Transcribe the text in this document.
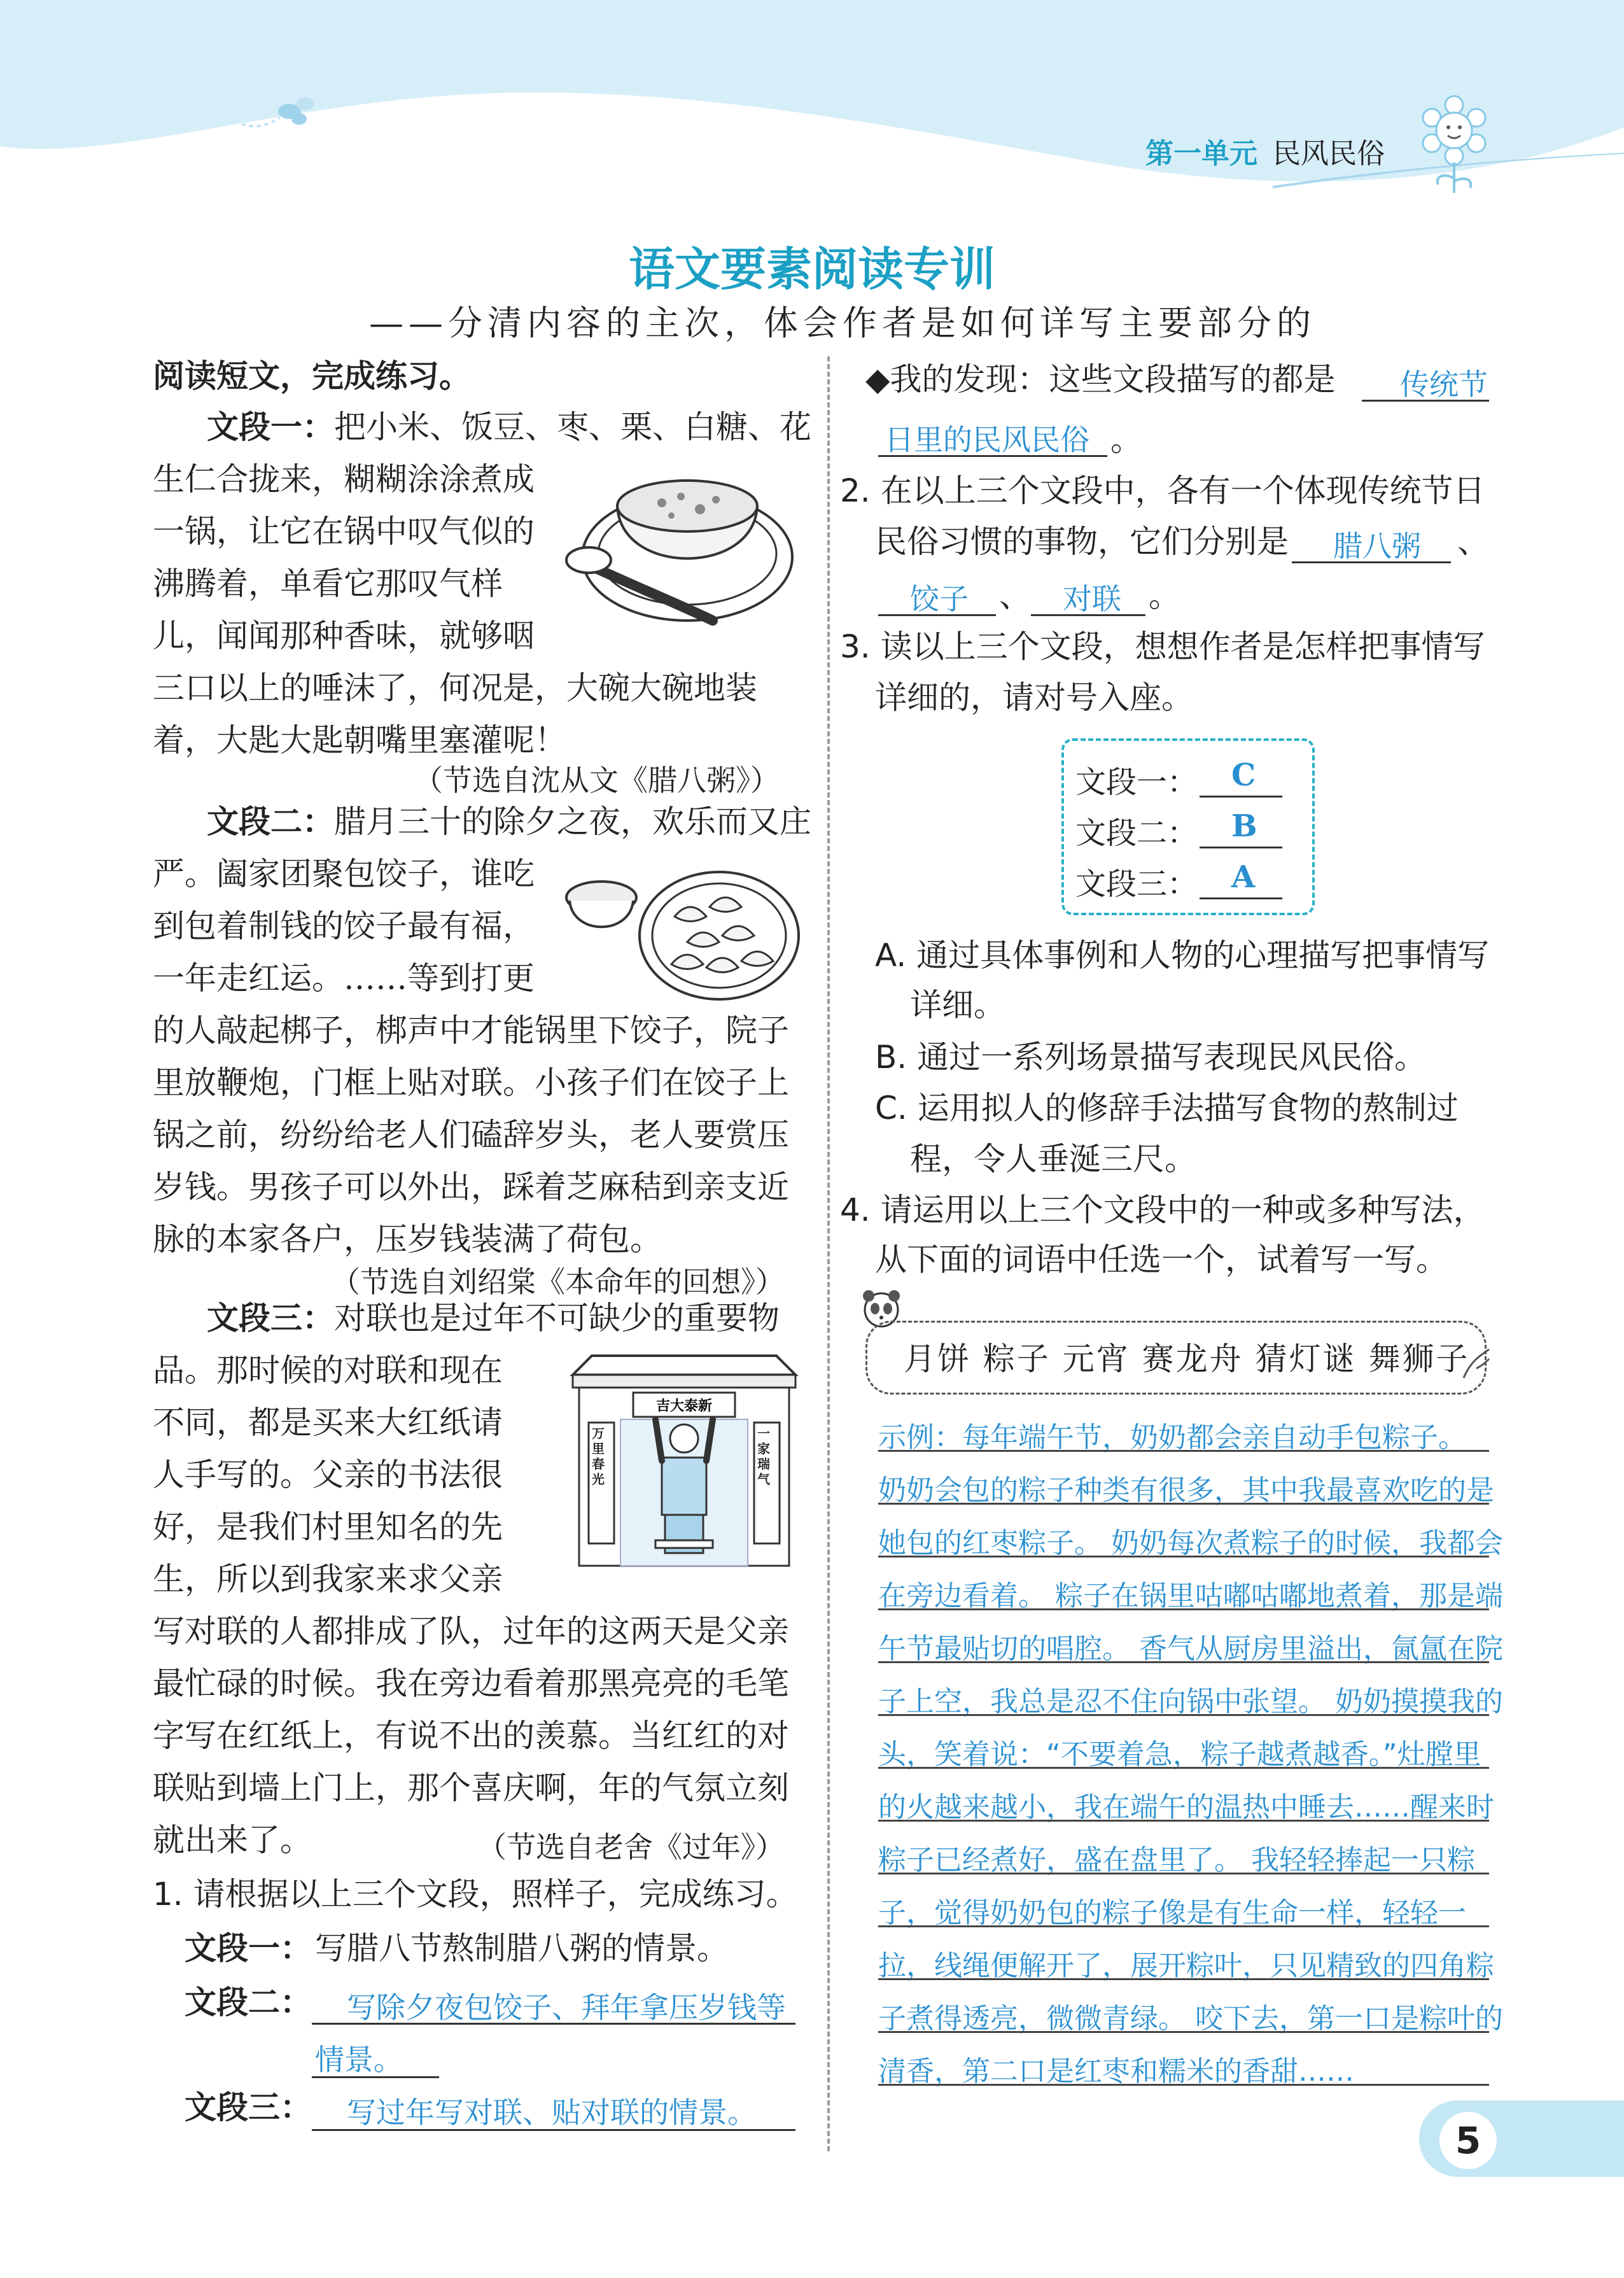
第一单元 民风民俗
语文要素阅读专训
——分清内容的主次，体会作者是如何详写主要部分的
阅读短文，完成练习。
文段一：把小米、饭豆、枣、栗、白糖、花
生仁合拢来，糊糊涂涂煮成
一锅，让它在锅中叹气似的
沸腾着，单看它那叹气样
儿，闻闻那种香味，就够咽
三口以上的唾沫了，何况是，大碗大碗地装
着，大匙大匙朝嘴里塞灌呢！
（节选自沈从文《腊八粥》）
文段二：腊月三十的除夕之夜，欢乐而又庄
严。阖家团聚包饺子，谁吃
到包着制钱的饺子最有福，
一年走红运。……等到打更
的人敲起梆子，梆声中才能锅里下饺子，院子
里放鞭炮，门框上贴对联。小孩子们在饺子上
锅之前，纷纷给老人们磕辞岁头，老人要赏压
岁钱。男孩子可以外出，踩着芝麻秸到亲支近
脉的本家各户，压岁钱装满了荷包。
（节选自刘绍棠《本命年的回想》）
文段三：对联也是过年不可缺少的重要物
品。那时候的对联和现在
不同，都是买来大红纸请
人手写的。父亲的书法很
好，是我们村里知名的先
生，所以到我家来求父亲
写对联的人都排成了队，过年的这两天是父亲
最忙碌的时候。我在旁边看着那黑亮亮的毛笔
字写在红纸上，有说不出的羡慕。当红红的对
联贴到墙上门上，那个喜庆啊，年的气氛立刻
就出来了。	（节选自老舍《过年》）
吉大泰新
万里春光
一家瑞气
1. 请根据以上三个文段，照样子，完成练习。
文段一： 写腊八节熬制腊八粥的情景。
文段二： 写除夕夜包饺子、拜年拿压岁钱等
情景。
文段三： 写过年写对联、贴对联的情景。
◆我的发现：这些文段描写的都是 传统节
日里的民风民俗 。
2. 在以上三个文段中，各有一个体现传统节日
民俗习惯的事物，它们分别是 腊八粥 、
饺子 、 对联 。
3. 读以上三个文段，想想作者是怎样把事情写
详细的，请对号入座。
文段一： C
文段二： B
文段三： A
A. 通过具体事例和人物的心理描写把事情写
详细。
B. 通过一系列场景描写表现民风民俗。
C. 运用拟人的修辞手法描写食物的熬制过
程，令人垂涎三尺。
4. 请运用以上三个文段中的一种或多种写法，
从下面的词语中任选一个，试着写一写。
月饼 粽子 元宵 赛龙舟 猜灯谜 舞狮子
示例：每年端午节，奶奶都会亲自动手包粽子。
奶奶会包的粽子种类有很多，其中我最喜欢吃的是
她包的红枣粽子。 奶奶每次煮粽子的时候，我都会
在旁边看着。 粽子在锅里咕嘟咕嘟地煮着，那是端
午节最贴切的唱腔。 香气从厨房里溢出，氤氲在院
子上空，我总是忍不住向锅中张望。 奶奶摸摸我的
头，笑着说：“不要着急，粽子越煮越香。”灶膛里
的火越来越小，我在端午的温热中睡去……醒来时
粽子已经煮好，盛在盘里了。 我轻轻捧起一只粽
子，觉得奶奶包的粽子像是有生命一样，轻轻一
拉，线绳便解开了，展开粽叶，只见精致的四角粽
子煮得透亮，微微青绿。 咬下去，第一口是粽叶的
清香，第二口是红枣和糯米的香甜……
5
